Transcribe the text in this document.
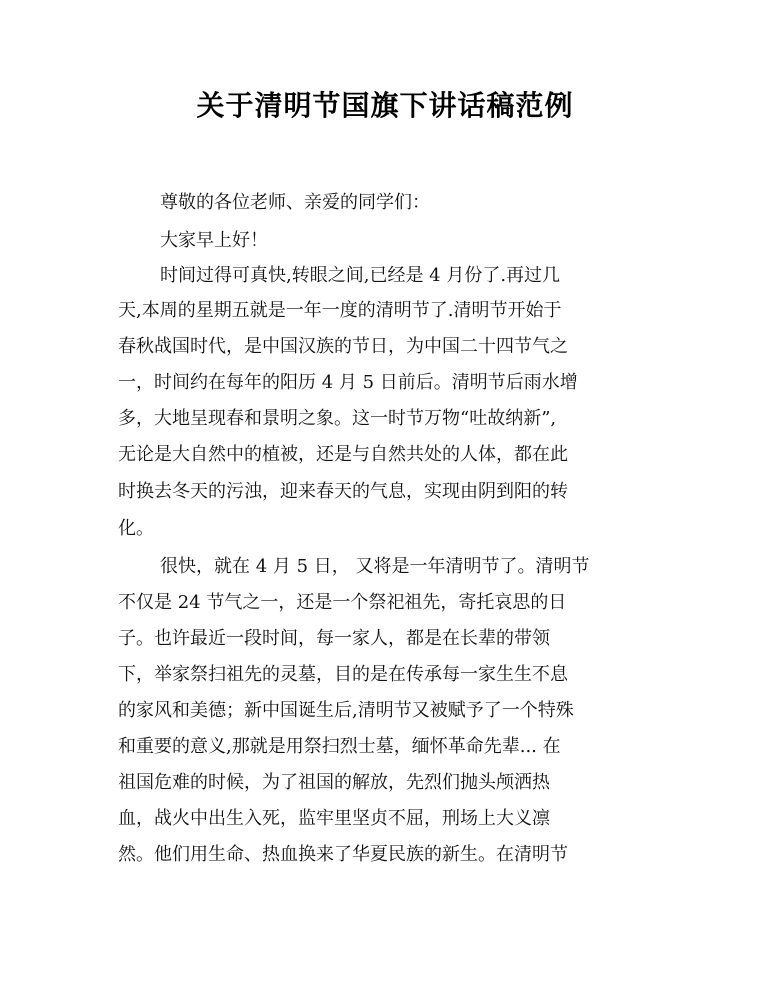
关于清明节国旗下讲话稿范例
尊敬的各位老师、亲爱的同学们：
大家早上好！
时间过得可真快,转眼之间,已经是 4 月份了.再过几
天,本周的星期五就是一年一度的清明节了.清明节开始于
春秋战国时代，是中国汉族的节日，为中国二十四节气之
一，时间约在每年的阳历 4 月 5 日前后。清明节后雨水增
多，大地呈现春和景明之象。这一时节万物“吐故纳新”,
无论是大自然中的植被，还是与自然共处的人体，都在此
时换去冬天的污浊，迎来春天的气息，实现由阴到阳的转
化。
很快，就在 4 月 5 日， 又将是一年清明节了。清明节
不仅是 24 节气之一，还是一个祭祀祖先，寄托哀思的日
子。也许最近一段时间，每一家人，都是在长辈的带领
下，举家祭扫祖先的灵墓，目的是在传承每一家生生不息
的家风和美德；新中国诞生后,清明节又被赋予了一个特殊
和重要的意义,那就是用祭扫烈士墓，缅怀革命先辈... 在
祖国危难的时候，为了祖国的解放，先烈们抛头颅洒热
血，战火中出生入死，监牢里坚贞不屈，刑场上大义凛
然。他们用生命、热血换来了华夏民族的新生。在清明节
